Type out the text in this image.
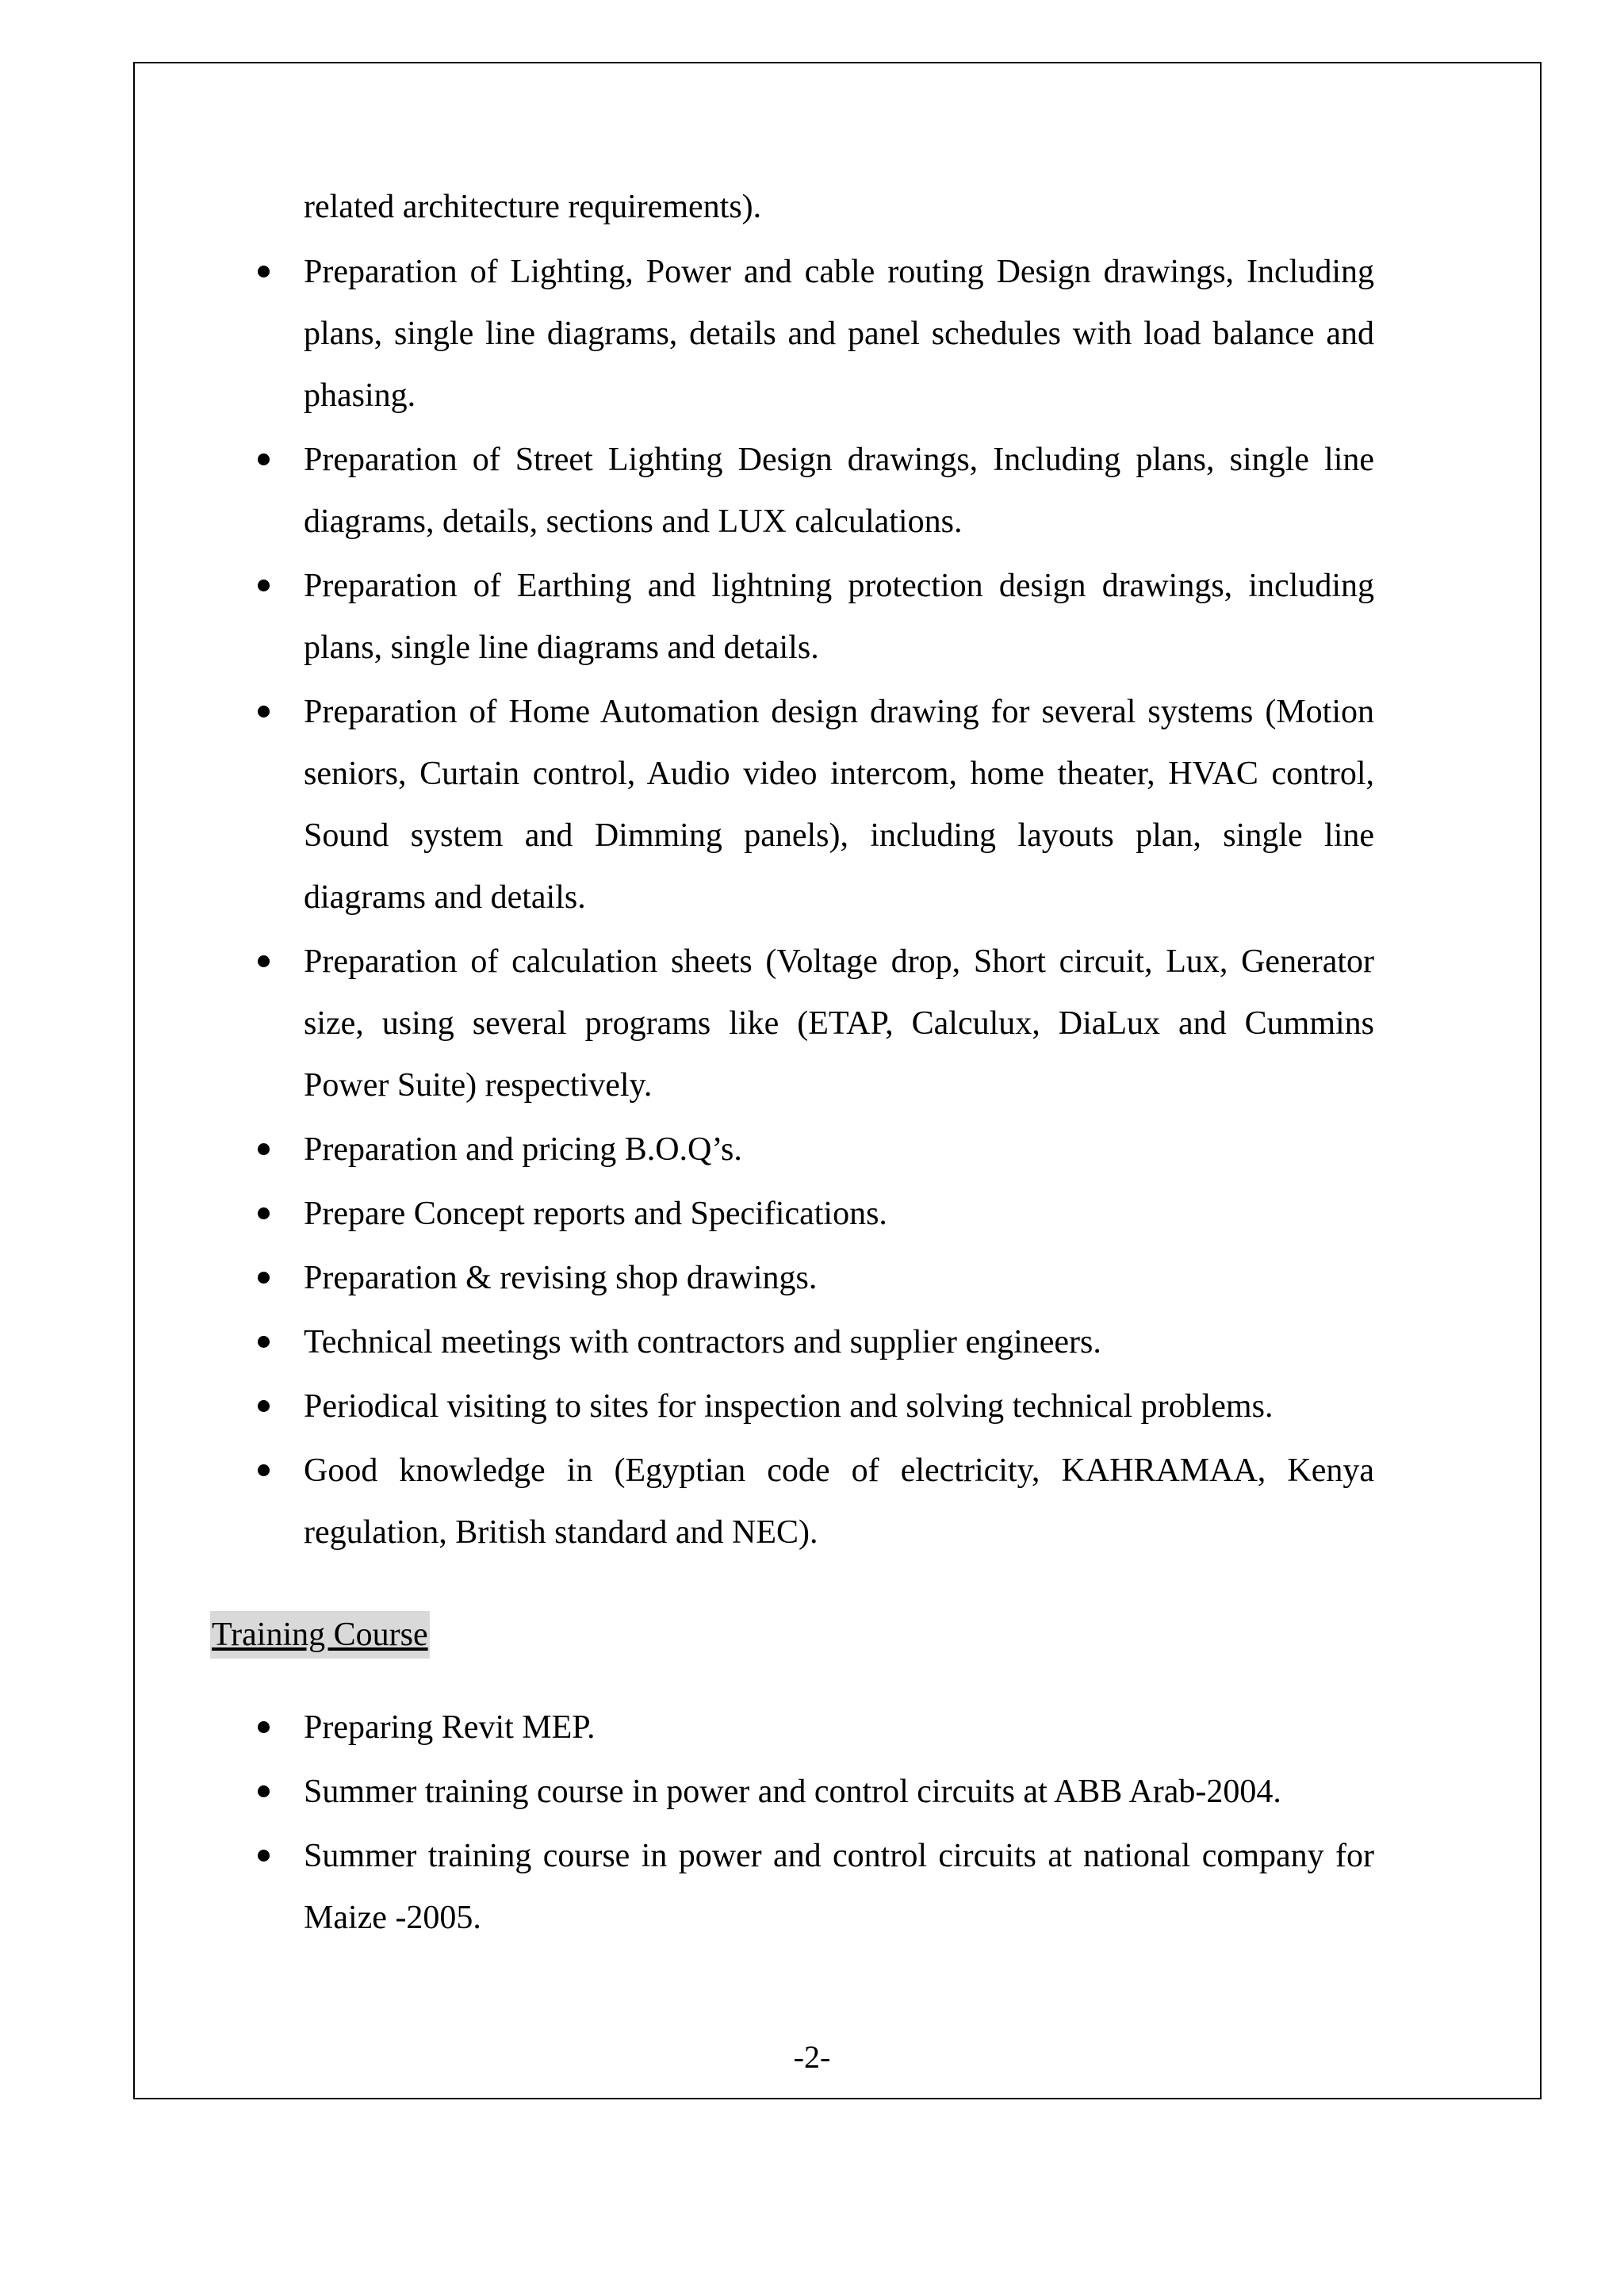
related architecture requirements).

Preparation of Lighting, Power and cable routing Design drawings, Including plans, single line diagrams, details and panel schedules with load balance and phasing.
Preparation of Street Lighting Design drawings, Including plans, single line diagrams, details, sections and LUX calculations.
Preparation of Earthing and lightning protection design drawings, including plans, single line diagrams and details.
Preparation of Home Automation design drawing for several systems (Motion seniors, Curtain control, Audio video intercom, home theater, HVAC control, Sound system and Dimming panels), including layouts plan, single line diagrams and details.
Preparation of calculation sheets (Voltage drop, Short circuit, Lux, Generator size, using several programs like (ETAP, Calculux, DiaLux and Cummins Power Suite) respectively.
Preparation and pricing B.O.Q’s.
Prepare Concept reports and Specifications.
Preparation & revising shop drawings.
Technical meetings with contractors and supplier engineers.
Periodical visiting to sites for inspection and solving technical problems.
Good knowledge in (Egyptian code of electricity, KAHRAMAA, Kenya regulation, British standard and NEC).
Training Course
Preparing Revit MEP.
Summer training course in power and control circuits at ABB Arab-2004.
Summer training course in power and control circuits at national company for Maize -2005.
-2-
